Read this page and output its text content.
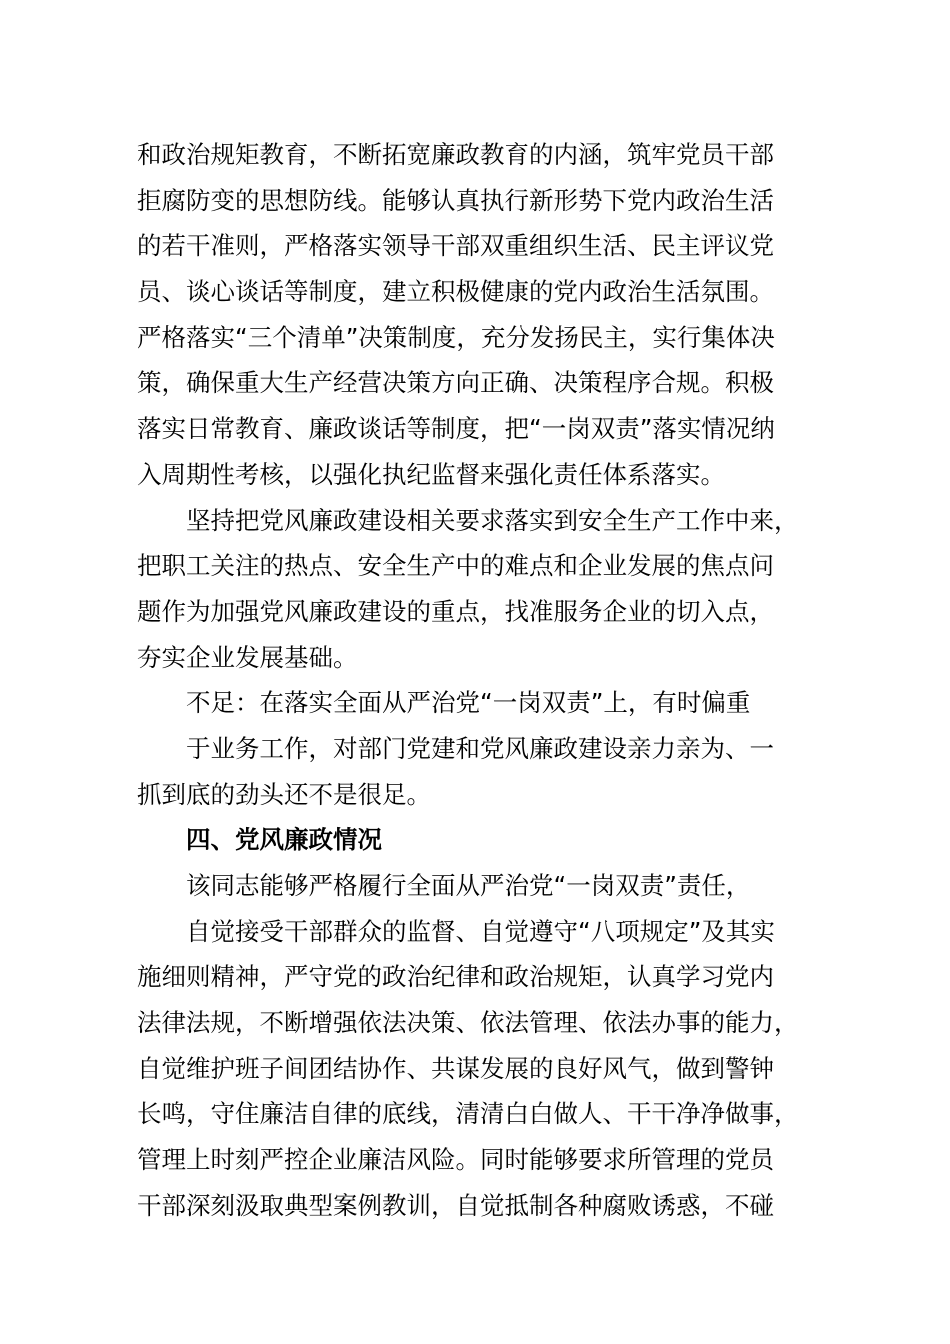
和政治规矩教育，不断拓宽廉政教育的内涵，筑牢党员干部
拒腐防变的思想防线。能够认真执行新形势下党内政治生活
的若干准则，严格落实领导干部双重组织生活、民主评议党
员、谈心谈话等制度，建立积极健康的党内政治生活氛围。
严格落实“三个清单”决策制度，充分发扬民主，实行集体决
策，确保重大生产经营决策方向正确、决策程序合规。积极
落实日常教育、廉政谈话等制度，把“一岗双责”落实情况纳
入周期性考核，以强化执纪监督来强化责任体系落实。
坚持把党风廉政建设相关要求落实到安全生产工作中来，
把职工关注的热点、安全生产中的难点和企业发展的焦点问
题作为加强党风廉政建设的重点，找准服务企业的切入点，
夯实企业发展基础。
不足：在落实全面从严治党“一岗双责”上，有时偏重
于业务工作，对部门党建和党风廉政建设亲力亲为、一
抓到底的劲头还不是很足。
四、党风廉政情况
该同志能够严格履行全面从严治党“一岗双责”责任，
自觉接受干部群众的监督、自觉遵守“八项规定”及其实
施细则精神，严守党的政治纪律和政治规矩，认真学习党内
法律法规，不断增强依法决策、依法管理、依法办事的能力，
自觉维护班子间团结协作、共谋发展的良好风气，做到警钟
长鸣，守住廉洁自律的底线，清清白白做人、干干净净做事，
管理上时刻严控企业廉洁风险。同时能够要求所管理的党员
干部深刻汲取典型案例教训，自觉抵制各种腐败诱惑，不碰
